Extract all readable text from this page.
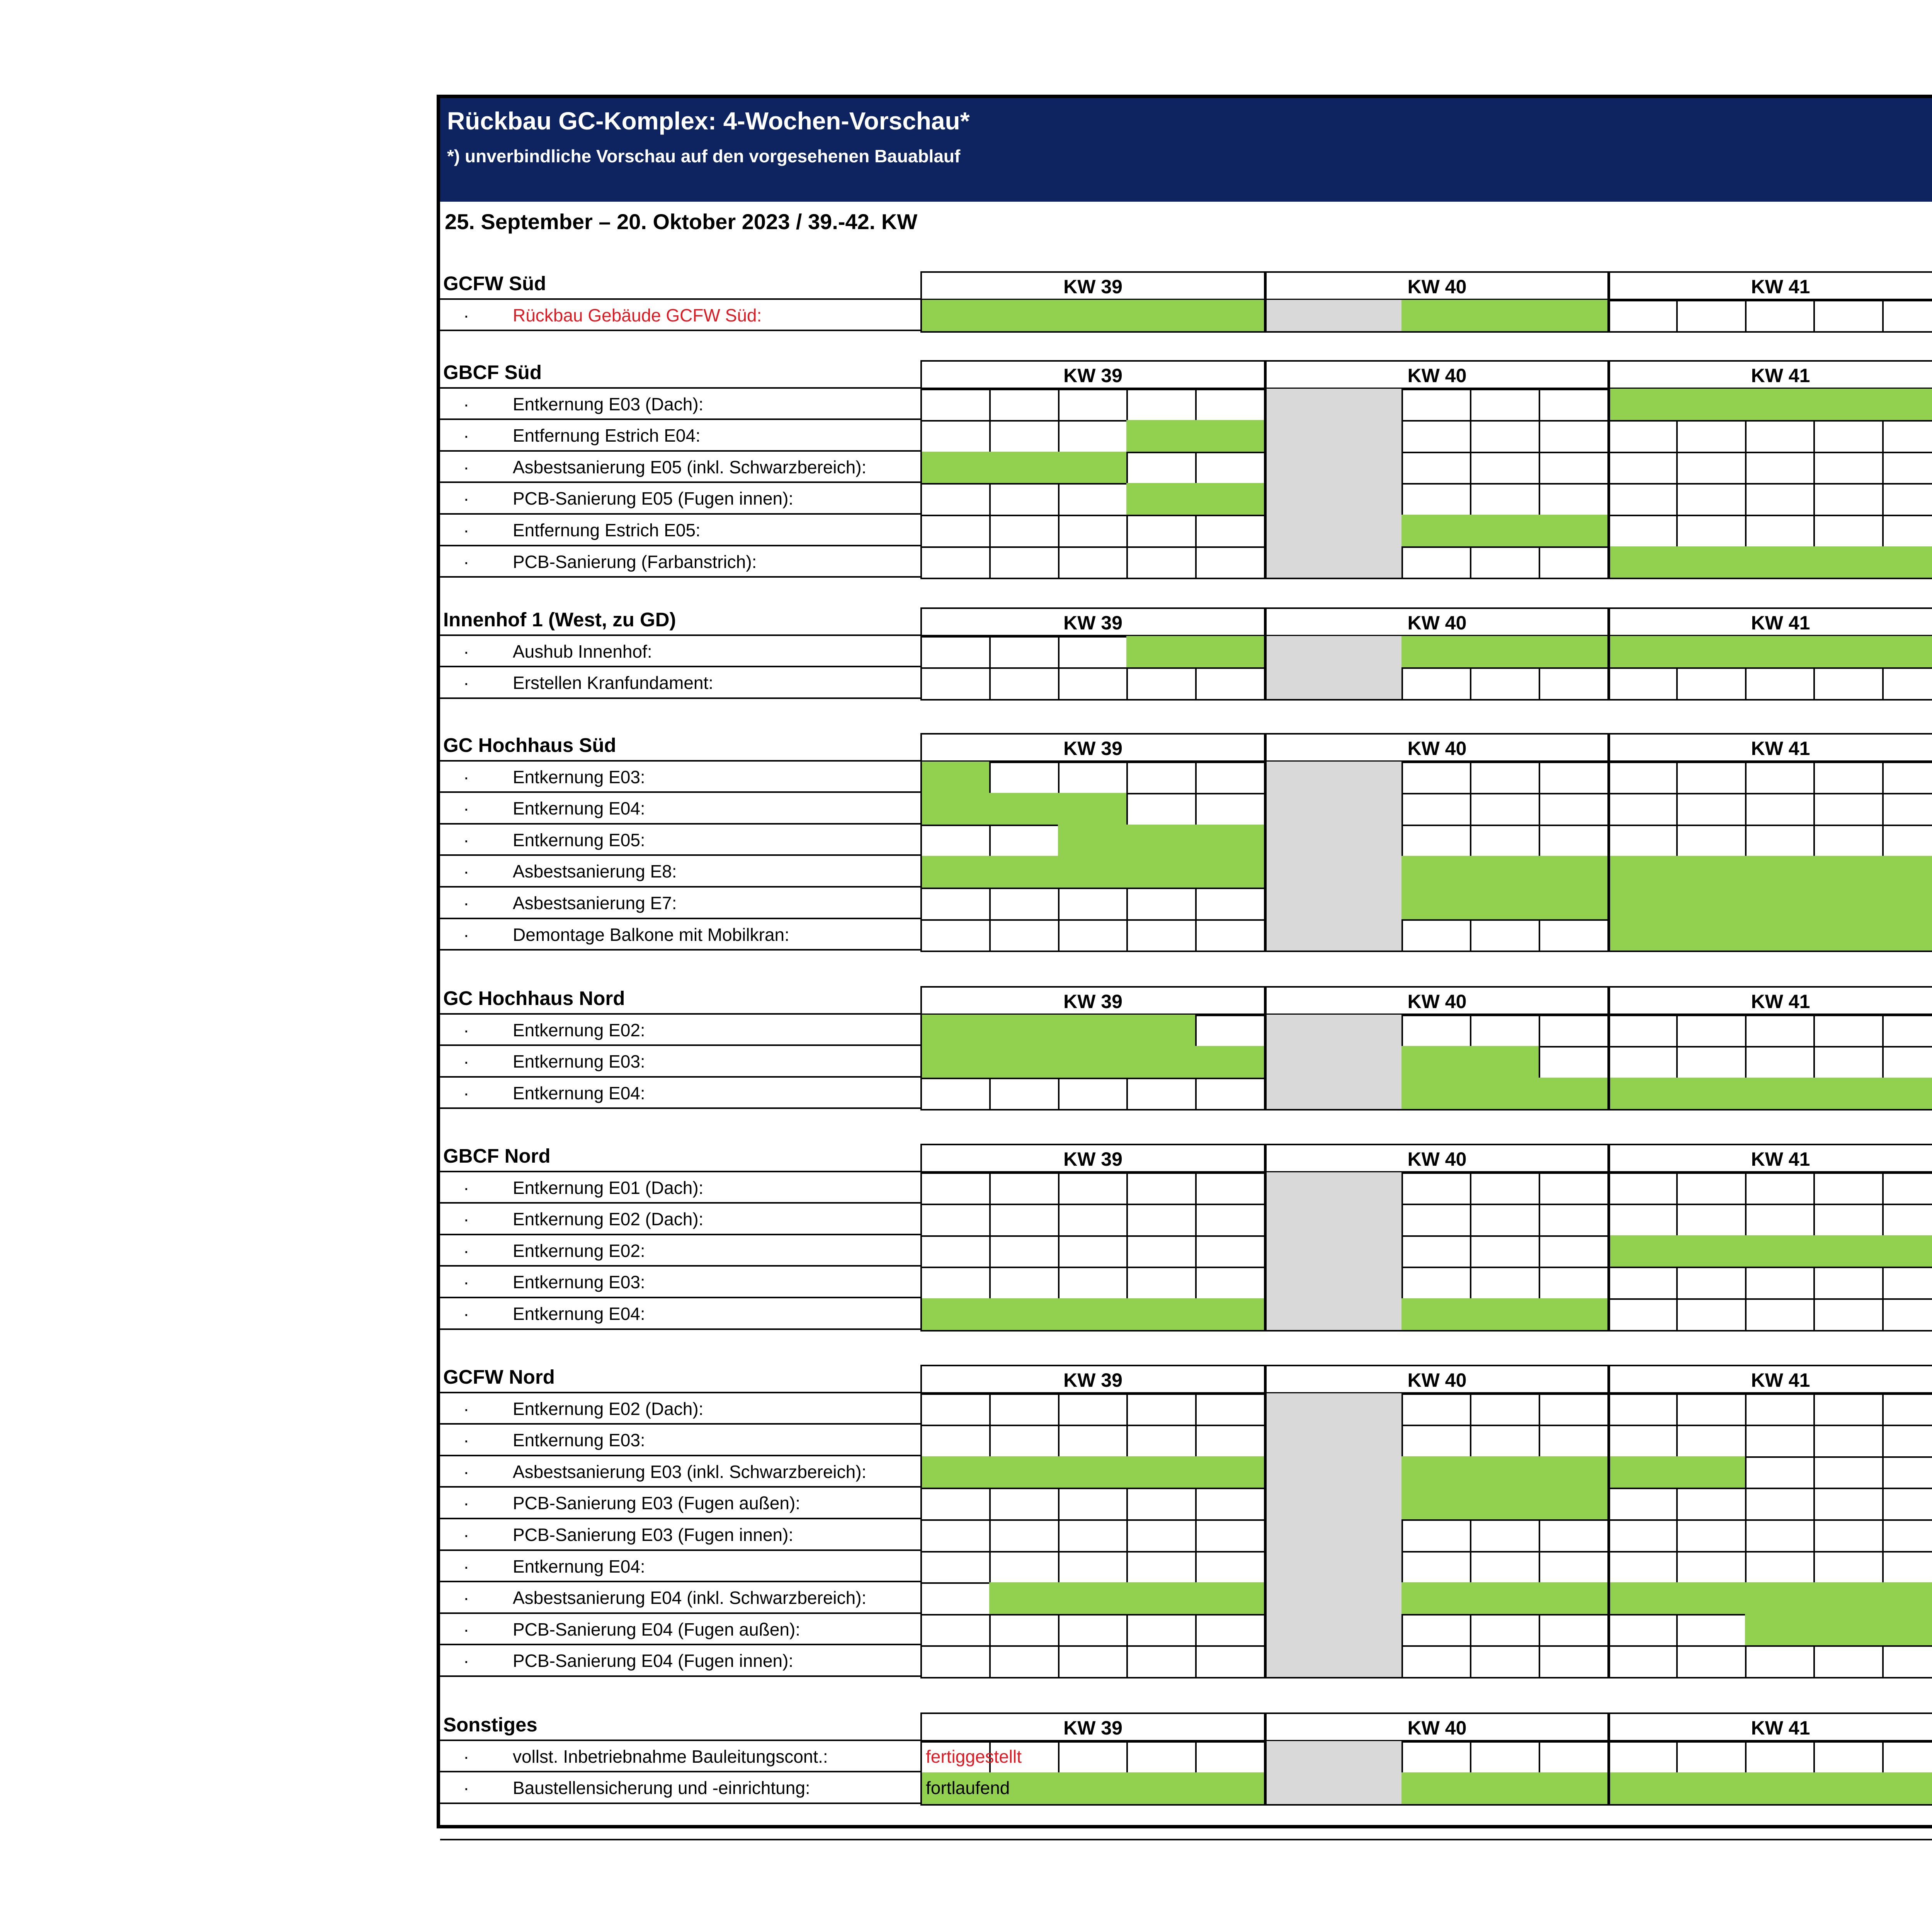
Rückbau GC-Komplex: 4-Wochen-Vorschau*
*) unverbindliche Vorschau auf den vorgesehenen Bauablauf
25. September – 20. Oktober 2023 / 39.-42. KW
GCFW Süd	KW 39	KW 40	KW 41
· Rückbau Gebäude GCFW Süd:
GBCF Süd	KW 39	KW 40	KW 41
· Entkernung E03 (Dach):
· Entfernung Estrich E04:
· Asbestsanierung E05 (inkl. Schwarzbereich):
· PCB-Sanierung E05 (Fugen innen):
· Entfernung Estrich E05:
· PCB-Sanierung (Farbanstrich):
Innenhof 1 (West, zu GD)	KW 39	KW 40	KW 41
· Aushub Innenhof:
· Erstellen Kranfundament:
GC Hochhaus Süd	KW 39	KW 40	KW 41
· Entkernung E03:
· Entkernung E04:
· Entkernung E05:
· Asbestsanierung E8:
· Asbestsanierung E7:
· Demontage Balkone mit Mobilkran:
GC Hochhaus Nord	KW 39	KW 40	KW 41
· Entkernung E02:
· Entkernung E03:
· Entkernung E04:
GBCF Nord	KW 39	KW 40	KW 41
· Entkernung E01 (Dach):
· Entkernung E02 (Dach):
· Entkernung E02:
· Entkernung E03:
· Entkernung E04:
GCFW Nord	KW 39	KW 40	KW 41
· Entkernung E02 (Dach):
· Entkernung E03:
· Asbestsanierung E03 (inkl. Schwarzbereich):
· PCB-Sanierung E03 (Fugen außen):
· PCB-Sanierung E03 (Fugen innen):
· Entkernung E04:
· Asbestsanierung E04 (inkl. Schwarzbereich):
· PCB-Sanierung E04 (Fugen außen):
· PCB-Sanierung E04 (Fugen innen):
Sonstiges	KW 39	KW 40	KW 41
· vollst. Inbetriebnahme Bauleitungscont.:	fertiggestellt
· Baustellensicherung und -einrichtung:	fortlaufend
